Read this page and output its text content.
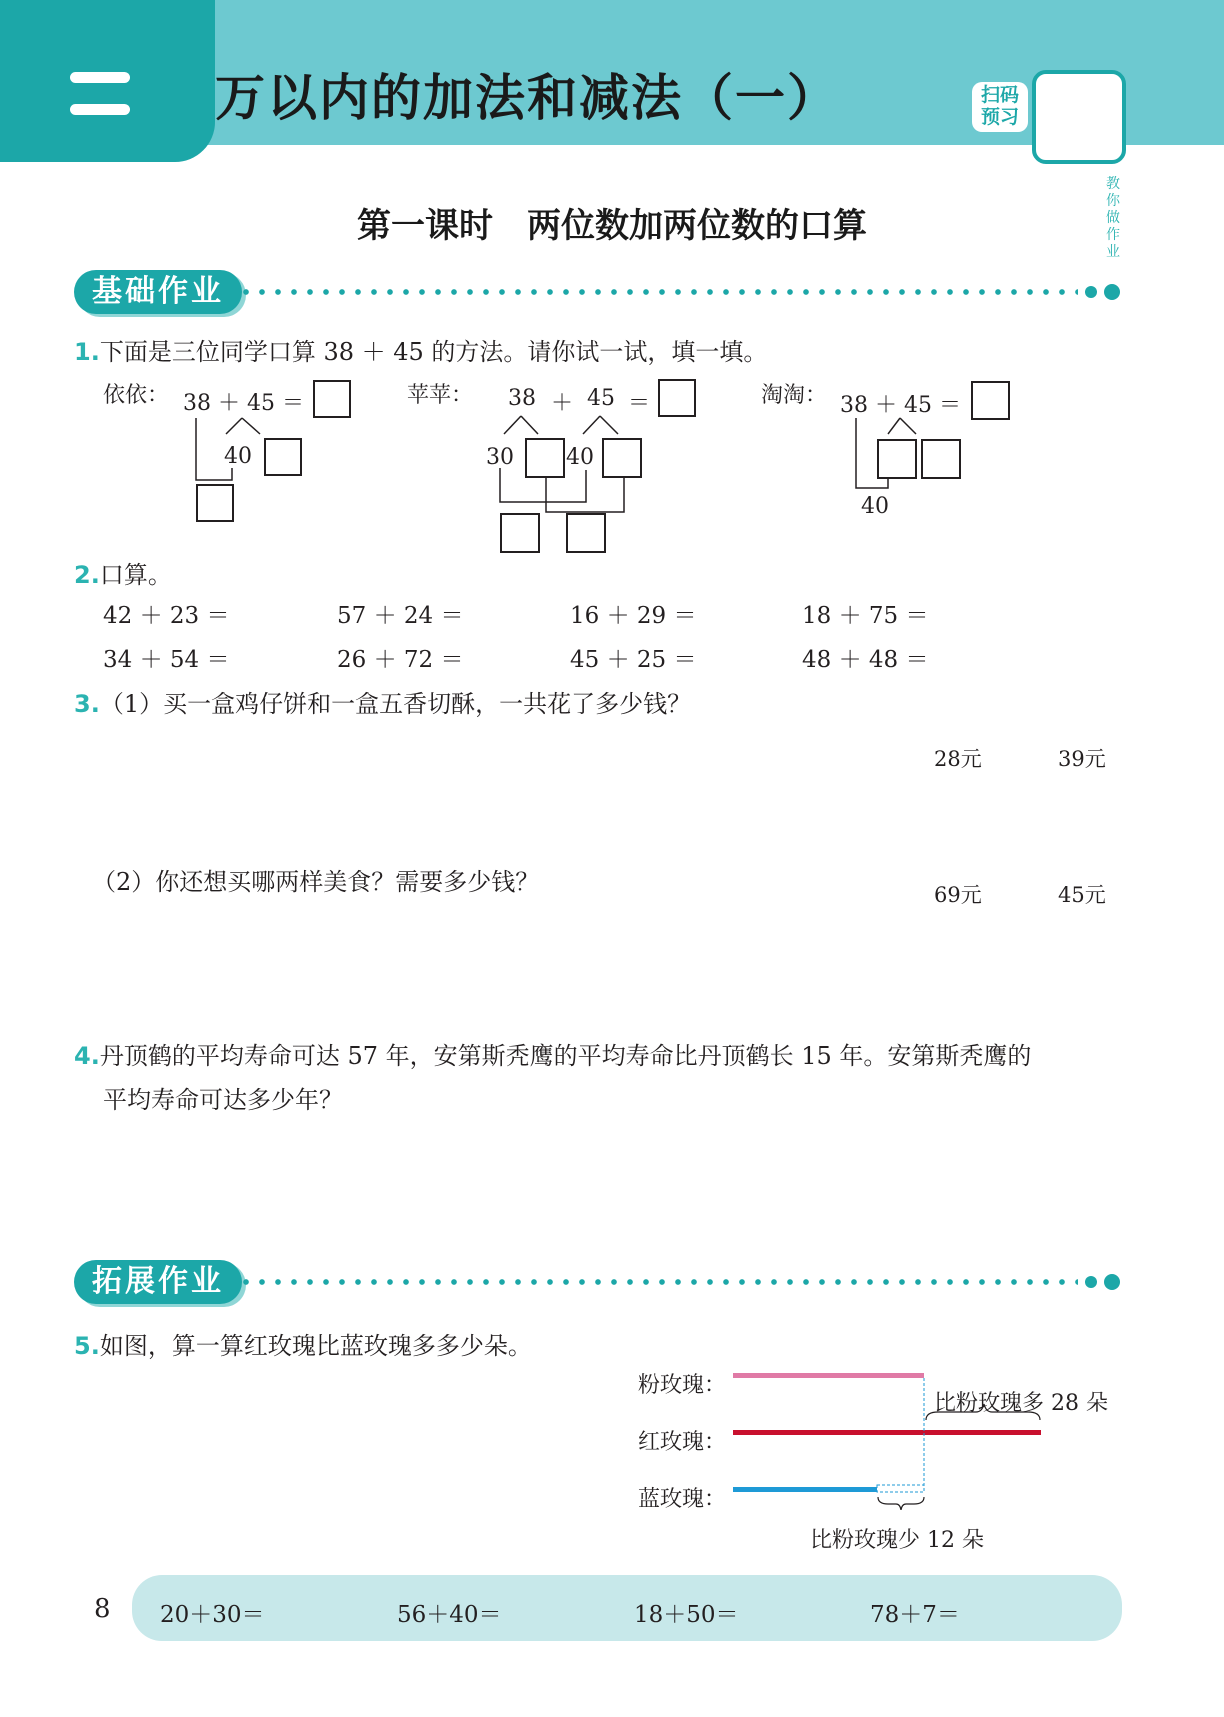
万以内的加法和减法（一）	扫码
预习
教你做作业
第一课时　两位数加两位数的口算
基础作业
1.下面是三位同学口算 38 ＋ 45 的方法。请你试一试，填一填。
依依： 38 ＋ 45 ＝
40
苹苹： 38 ＋ 45 ＝
30 40
淘淘： 38 ＋ 45 ＝
40
2.口算。
42 ＋ 23 ＝	57 ＋ 24 ＝	16 ＋ 29 ＝	18 ＋ 75 ＝
34 ＋ 54 ＝	26 ＋ 72 ＝	45 ＋ 25 ＝	48 ＋ 48 ＝
3.（1）买一盒鸡仔饼和一盒五香切酥，一共花了多少钱？
28元	39元
（2）你还想买哪两样美食？需要多少钱？	69元	45元
4.丹顶鹤的平均寿命可达 57 年，安第斯秃鹰的平均寿命比丹顶鹤长 15 年。安第斯秃鹰的
平均寿命可达多少年？
拓展作业
5.如图，算一算红玫瑰比蓝玫瑰多多少朵。
粉玫瑰：
红玫瑰：
蓝玫瑰：
比粉玫瑰多 28 朵
比粉玫瑰少 12 朵
8 20＋30＝	56＋40＝	18＋50＝	78＋7＝
